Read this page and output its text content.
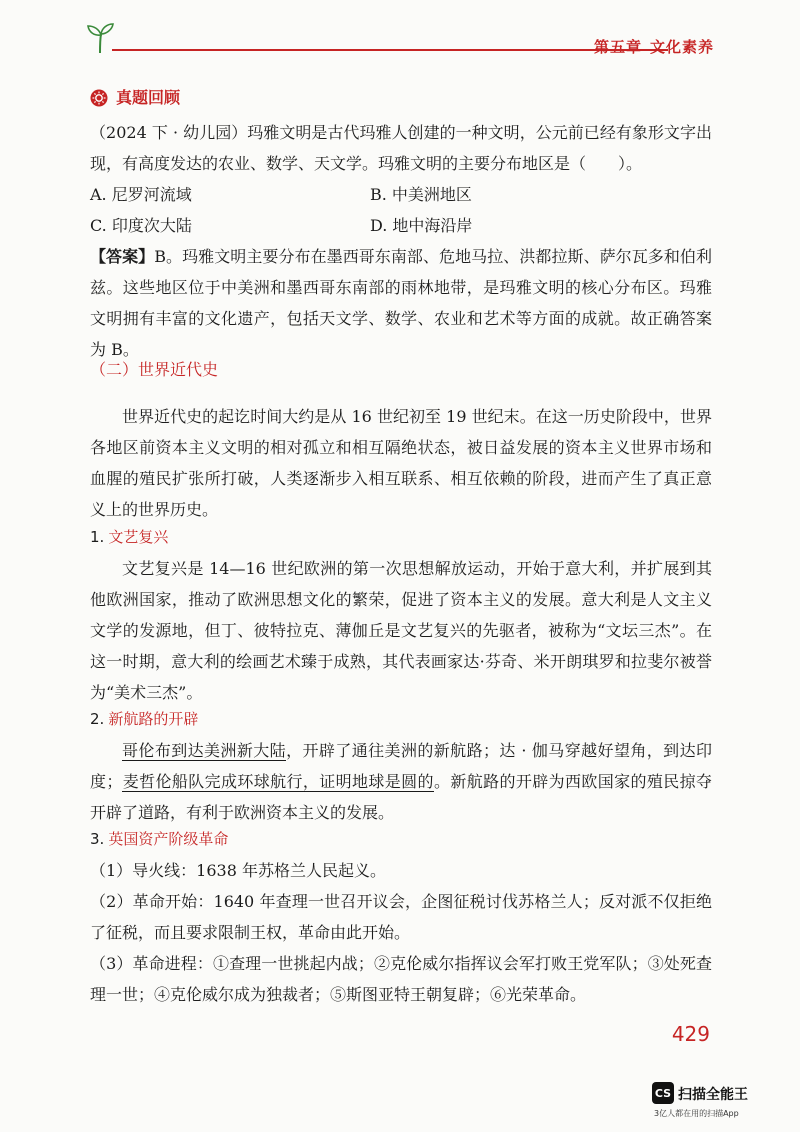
第五章 文化素养
真题回顾

（2024 下 · 幼儿园）玛雅文明是古代玛雅人创建的一种文明，公元前已经有象形文字出现，有高度发达的农业、数学、天文学。玛雅文明的主要分布地区是（　　）。

A. 尼罗河流域	B. 中美洲地区
C. 印度次大陆	D. 地中海沿岸

【答案】B。玛雅文明主要分布在墨西哥东南部、危地马拉、洪都拉斯、萨尔瓦多和伯利兹。这些地区位于中美洲和墨西哥东南部的雨林地带，是玛雅文明的核心分布区。玛雅文明拥有丰富的文化遗产，包括天文学、数学、农业和艺术等方面的成就。故正确答案为 B。

（二）世界近代史

世界近代史的起讫时间大约是从 16 世纪初至 19 世纪末。在这一历史阶段中，世界各地区前资本主义文明的相对孤立和相互隔绝状态，被日益发展的资本主义世界市场和血腥的殖民扩张所打破，人类逐渐步入相互联系、相互依赖的阶段，进而产生了真正意义上的世界历史。

1. 文艺复兴

文艺复兴是 14—16 世纪欧洲的第一次思想解放运动，开始于意大利，并扩展到其他欧洲国家，推动了欧洲思想文化的繁荣，促进了资本主义的发展。意大利是人文主义文学的发源地，但丁、彼特拉克、薄伽丘是文艺复兴的先驱者，被称为“文坛三杰”。在这一时期，意大利的绘画艺术臻于成熟，其代表画家达·芬奇、米开朗琪罗和拉斐尔被誉为“美术三杰”。

2. 新航路的开辟

哥伦布到达美洲新大陆，开辟了通往美洲的新航路；达 · 伽马穿越好望角，到达印度；麦哲伦船队完成环球航行，证明地球是圆的。新航路的开辟为西欧国家的殖民掠夺开辟了道路，有利于欧洲资本主义的发展。

3. 英国资产阶级革命

（1）导火线：1638 年苏格兰人民起义。

（2）革命开始：1640 年查理一世召开议会，企图征税讨伐苏格兰人；反对派不仅拒绝了征税，而且要求限制王权，革命由此开始。

（3）革命进程：①查理一世挑起内战；②克伦威尔指挥议会军打败王党军队；③处死查理一世；④克伦威尔成为独裁者；⑤斯图亚特王朝复辟；⑥光荣革命。

429
CS 扫描全能王
3亿人都在用的扫描App
